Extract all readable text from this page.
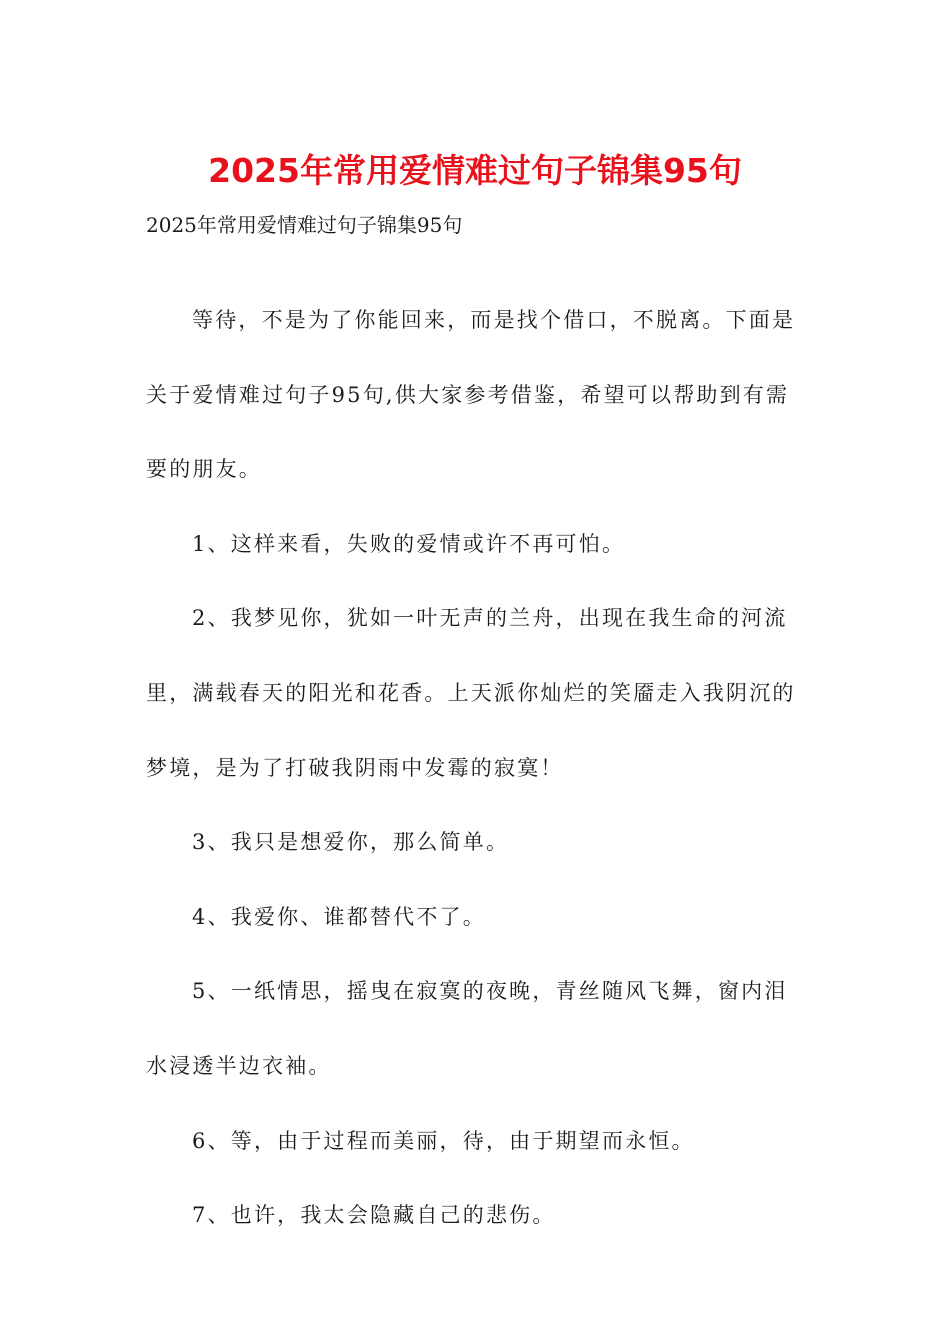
2025年常用爱情难过句子锦集95句
2025年常用爱情难过句子锦集95句

等待，不是为了你能回来，而是找个借口，不脱离。下面是关于爱情难过句子95句,供大家参考借鉴，希望可以帮助到有需要的朋友。

1、这样来看，失败的爱情或许不再可怕。

2、我梦见你，犹如一叶无声的兰舟，出现在我生命的河流里，满载春天的阳光和花香。上天派你灿烂的笑靥走入我阴沉的梦境，是为了打破我阴雨中发霉的寂寞！

3、我只是想爱你，那么简单。

4、我爱你、谁都替代不了。

5、一纸情思，摇曳在寂寞的夜晚，青丝随风飞舞，窗内泪水浸透半边衣袖。

6、等，由于过程而美丽，待，由于期望而永恒。

7、也许，我太会隐藏自己的悲伤。
